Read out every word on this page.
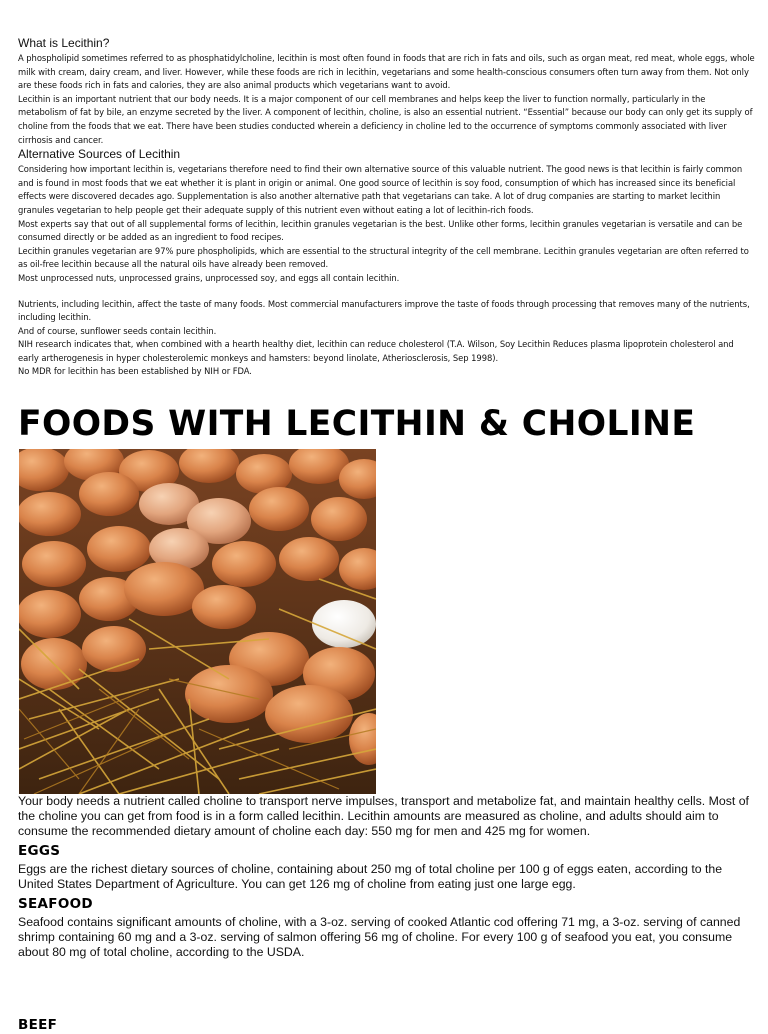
What is Lecithin?

A phospholipid sometimes referred to as phosphatidylcholine, lecithin is most often found in foods that are rich in fats and oils, such as organ meat, red meat, whole eggs, whole milk with cream, dairy cream, and liver. However, while these foods are rich in lecithin, vegetarians and some health-conscious consumers often turn away from them. Not only are these foods rich in fats and calories, they are also animal products which vegetarians want to avoid.

Lecithin is an important nutrient that our body needs. It is a major component of our cell membranes and helps keep the liver to function normally, particularly in the metabolism of fat by bile, an enzyme secreted by the liver. A component of lecithin, choline, is also an essential nutrient. “Essential” because our body can only get its supply of choline from the foods that we eat. There have been studies conducted wherein a deficiency in choline led to the occurrence of symptoms commonly associated with liver cirrhosis and cancer.

Alternative Sources of Lecithin

Considering how important lecithin is, vegetarians therefore need to find their own alternative source of this valuable nutrient. The good news is that lecithin is fairly common and is found in most foods that we eat whether it is plant in origin or animal. One good source of lecithin is soy food, consumption of which has increased since its beneficial effects were discovered decades ago. Supplementation is also another alternative path that vegetarians can take. A lot of drug companies are starting to market lecithin granules vegetarian to help people get their adequate supply of this nutrient even without eating a lot of lecithin-rich foods.

Most experts say that out of all supplemental forms of lecithin, lecithin granules vegetarian is the best. Unlike other forms, lecithin granules vegetarian is versatile and can be consumed directly or be added as an ingredient to food recipes.

Lecithin granules vegetarian are 97% pure phospholipids, which are essential to the structural integrity of the cell membrane. Lecithin granules vegetarian are often referred to as oil-free lecithin because all the natural oils have already been removed.

Most unprocessed nuts, unprocessed grains, unprocessed soy, and eggs all contain lecithin.

Nutrients, including lecithin, affect the taste of many foods. Most commercial manufacturers improve the taste of foods through processing that removes many of the nutrients, including lecithin.

And of course, sunflower seeds contain lecithin.

NIH research indicates that, when combined with a hearth healthy diet, lecithin can reduce cholesterol (T.A. Wilson, Soy Lecithin Reduces plasma lipoprotein cholesterol and early artherogenesis in hyper cholesterolemic monkeys and hamsters: beyond linolate, Atheriosclerosis, Sep 1998).

No MDR for lecithin has been established by NIH or FDA.

FOODS WITH LECITHIN & CHOLINE

Your body needs a nutrient called choline to transport nerve impulses, transport and metabolize fat, and maintain healthy cells. Most of the choline you can get from food is in a form called lecithin. Lecithin amounts are measured as choline, and adults should aim to consume the recommended dietary amount of choline each day: 550 mg for men and 425 mg for women.

EGGS

Eggs are the richest dietary sources of choline, containing about 250 mg of total choline per 100 g of eggs eaten, according to the United States Department of Agriculture. You can get 126 mg of choline from eating just one large egg.

SEAFOOD

Seafood contains significant amounts of choline, with a 3-oz. serving of cooked Atlantic cod offering 71 mg, a 3-oz. serving of canned shrimp containing 60 mg and a 3-oz. serving of salmon offering 56 mg of choline. For every 100 g of seafood you eat, you consume about 80 mg of total choline, according to the USDA.

BEEF
